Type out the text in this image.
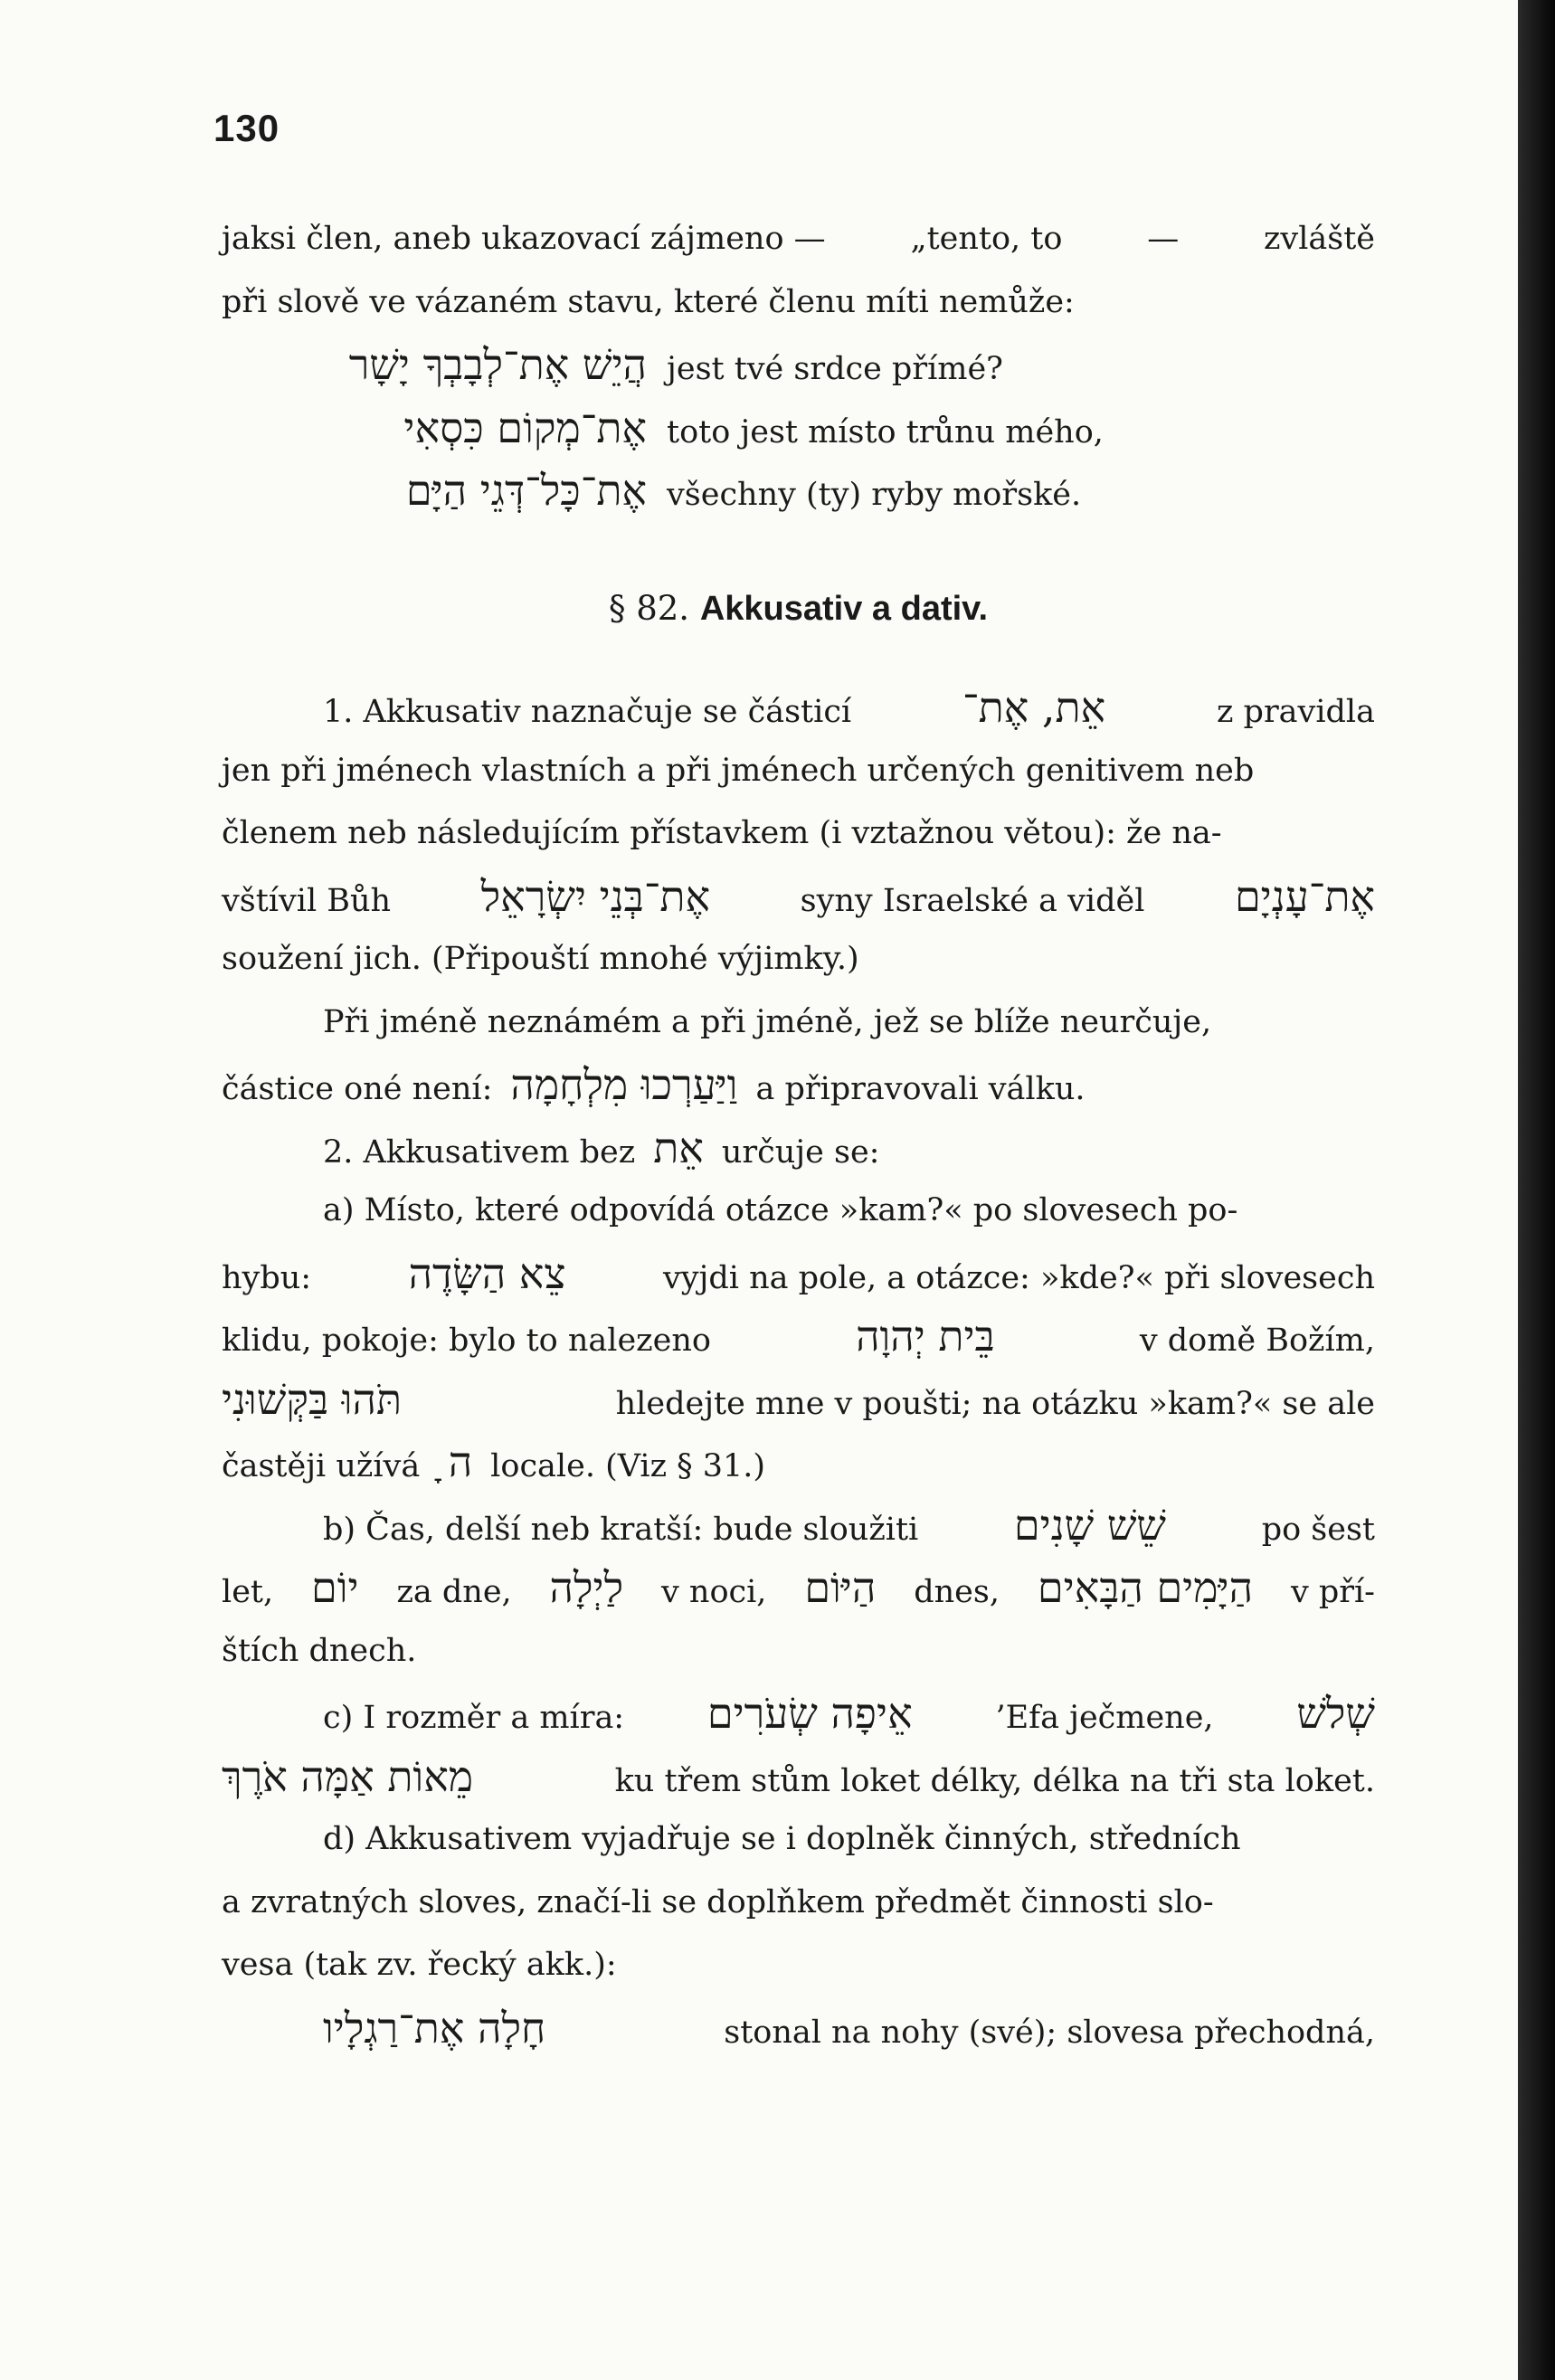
130
jaksi člen, aneb ukazovací zájmeno —	„tento, to	—	zvláště
při slově ve vázaném stavu, které členu míti nemůže:
הֲיֵשׁ אֶת־לְבָבְךָ יָשָׁר jest tvé srdce přímé?
אֶת־מְקוֹם כִּסְאִי toto jest místo trůnu mého,
אֶת־כָּל־דְּגֵי הַיָּם všechny (ty) ryby mořské.
§ 82. Akkusativ a dativ.
1. Akkusativ naznačuje se částicí	אֵת, אֶת־	z pravidla
jen při jménech vlastních a při jménech určených genitivem neb
členem neb následujícím přístavkem (i vztažnou větou): že na-
vštívil Bůh אֶת־בְּנֵי יִשְׂרָאֵל	syny Israelské a viděl אֶת־עָנְיָם
soužení jich. (Připouští mnohé výjimky.)
Při jméně neznámém a při jméně, jež se blíže neurčuje,
částice oné není: וַיַּעַרְכוּ מִלְחָמָה a připravovali válku.
2. Akkusativem bez אֵת určuje se:
a) Místo, které odpovídá otázce »kam?« po slovesech po-
hybu: צֵא הַשָּׂדֶה	vyjdi na pole, a otázce: »kde?« při slovesech
klidu, pokoje: bylo to nalezeno	בֵּית יְהוָה	v domě Božím,
תֹּהוּ בַּקְּשׁוּנִי	hledejte mne v poušti; na otázku »kam?« se ale
častěji užívá ה ָ locale. (Viz § 31.)
b) Čas, delší neb kratší: bude sloužiti שֵׁשׁ שָׁנִים	po šest
let, יוֹם za dne, לַיְלָה v noci, הַיּוֹם dnes, הַיָּמִים הַבָּאִים v pří-
štích dnech.
c) I rozměr a míra: אֵיפָה שְׂעֹרִים	’Efa ječmene, שְׁלשׁ
מֵאוֹת אַמָּה אֹרֶךְ	ku třem stům loket délky, délka na tři sta loket.
d) Akkusativem vyjadřuje se i doplněk činných, středních
a zvratných sloves, značí-li se doplňkem předmět činnosti slo-
vesa (tak zv. řecký akk.):
חָלָה אֶת־רַגְלָיו	stonal na nohy (své); slovesa přechodná,
